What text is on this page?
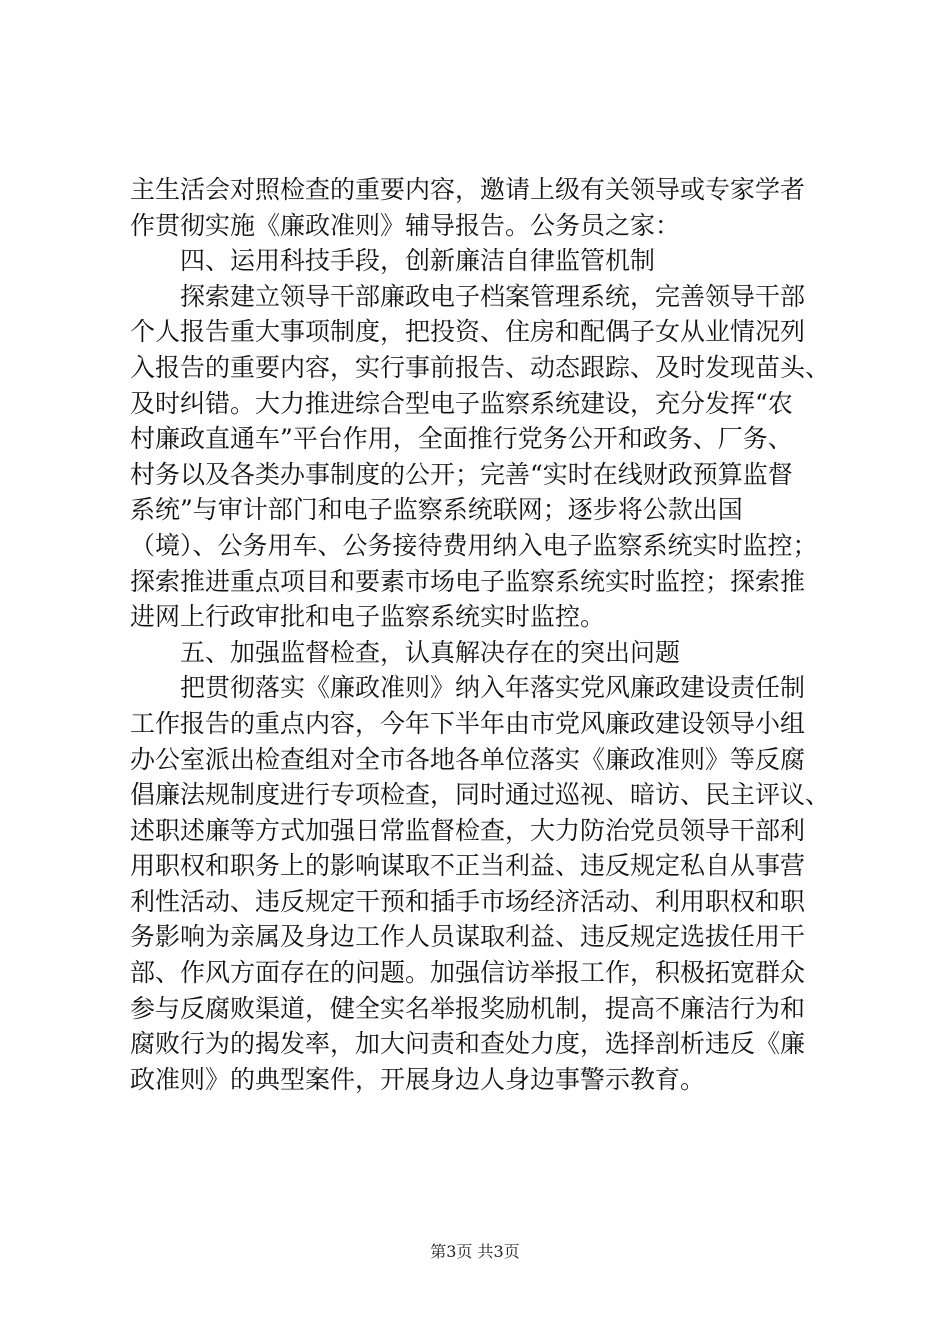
主生活会对照检查的重要内容，邀请上级有关领导或专家学者
作贯彻实施《廉政准则》辅导报告。公务员之家：
四、运用科技手段，创新廉洁自律监管机制
探索建立领导干部廉政电子档案管理系统，完善领导干部
个人报告重大事项制度，把投资、住房和配偶子女从业情况列
入报告的重要内容，实行事前报告、动态跟踪、及时发现苗头、
及时纠错。大力推进综合型电子监察系统建设，充分发挥“农
村廉政直通车”平台作用，全面推行党务公开和政务、厂务、
村务以及各类办事制度的公开；完善“实时在线财政预算监督
系统”与审计部门和电子监察系统联网；逐步将公款出国
（境）、公务用车、公务接待费用纳入电子监察系统实时监控；
探索推进重点项目和要素市场电子监察系统实时监控；探索推
进网上行政审批和电子监察系统实时监控。
五、加强监督检查，认真解决存在的突出问题
把贯彻落实《廉政准则》纳入年落实党风廉政建设责任制
工作报告的重点内容，今年下半年由市党风廉政建设领导小组
办公室派出检查组对全市各地各单位落实《廉政准则》等反腐
倡廉法规制度进行专项检查，同时通过巡视、暗访、民主评议、
述职述廉等方式加强日常监督检查，大力防治党员领导干部利
用职权和职务上的影响谋取不正当利益、违反规定私自从事营
利性活动、违反规定干预和插手市场经济活动、利用职权和职
务影响为亲属及身边工作人员谋取利益、违反规定选拔任用干
部、作风方面存在的问题。加强信访举报工作，积极拓宽群众
参与反腐败渠道，健全实名举报奖励机制，提高不廉洁行为和
腐败行为的揭发率，加大问责和查处力度，选择剖析违反《廉
政准则》的典型案件，开展身边人身边事警示教育。
第3页 共3页
